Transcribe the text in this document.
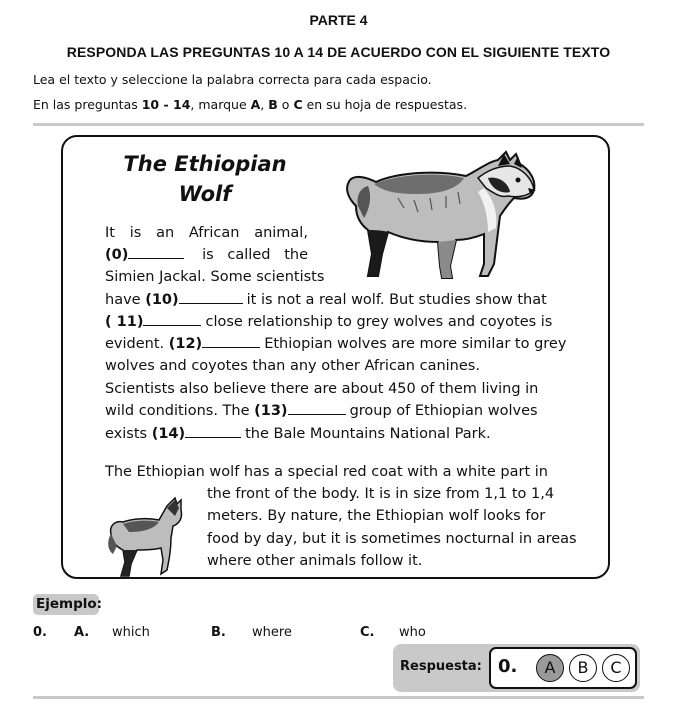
PARTE 4
RESPONDA LAS PREGUNTAS 10 A 14 DE ACUERDO CON EL SIGUIENTE TEXTO
Lea el texto y seleccione la palabra correcta para cada espacio.
En las preguntas 10 - 14, marque A, B o C en su hoja de respuestas.
The Ethiopian
Wolf
It is an African animal,
(0)	is called the
Simien Jackal. Some scientists
have (10)	it is not a real wolf. But studies show that
( 11)	close relationship to grey wolves and coyotes is
evident. (12)	Ethiopian wolves are more similar to grey
wolves and coyotes than any other African canines.
Scientists also believe there are about 450 of them living in
wild conditions. The (13)	group of Ethiopian wolves
exists (14)	the Bale Mountains National Park.
The Ethiopian wolf has a special red coat with a white part in
the front of the body. It is in size from 1,1 to 1,4
meters. By nature, the Ethiopian wolf looks for
food by day, but it is sometimes nocturnal in areas
where other animals follow it.
Ejemplo:
0. A. which	B. where	C. who
Respuesta: 0.	A	B	C
